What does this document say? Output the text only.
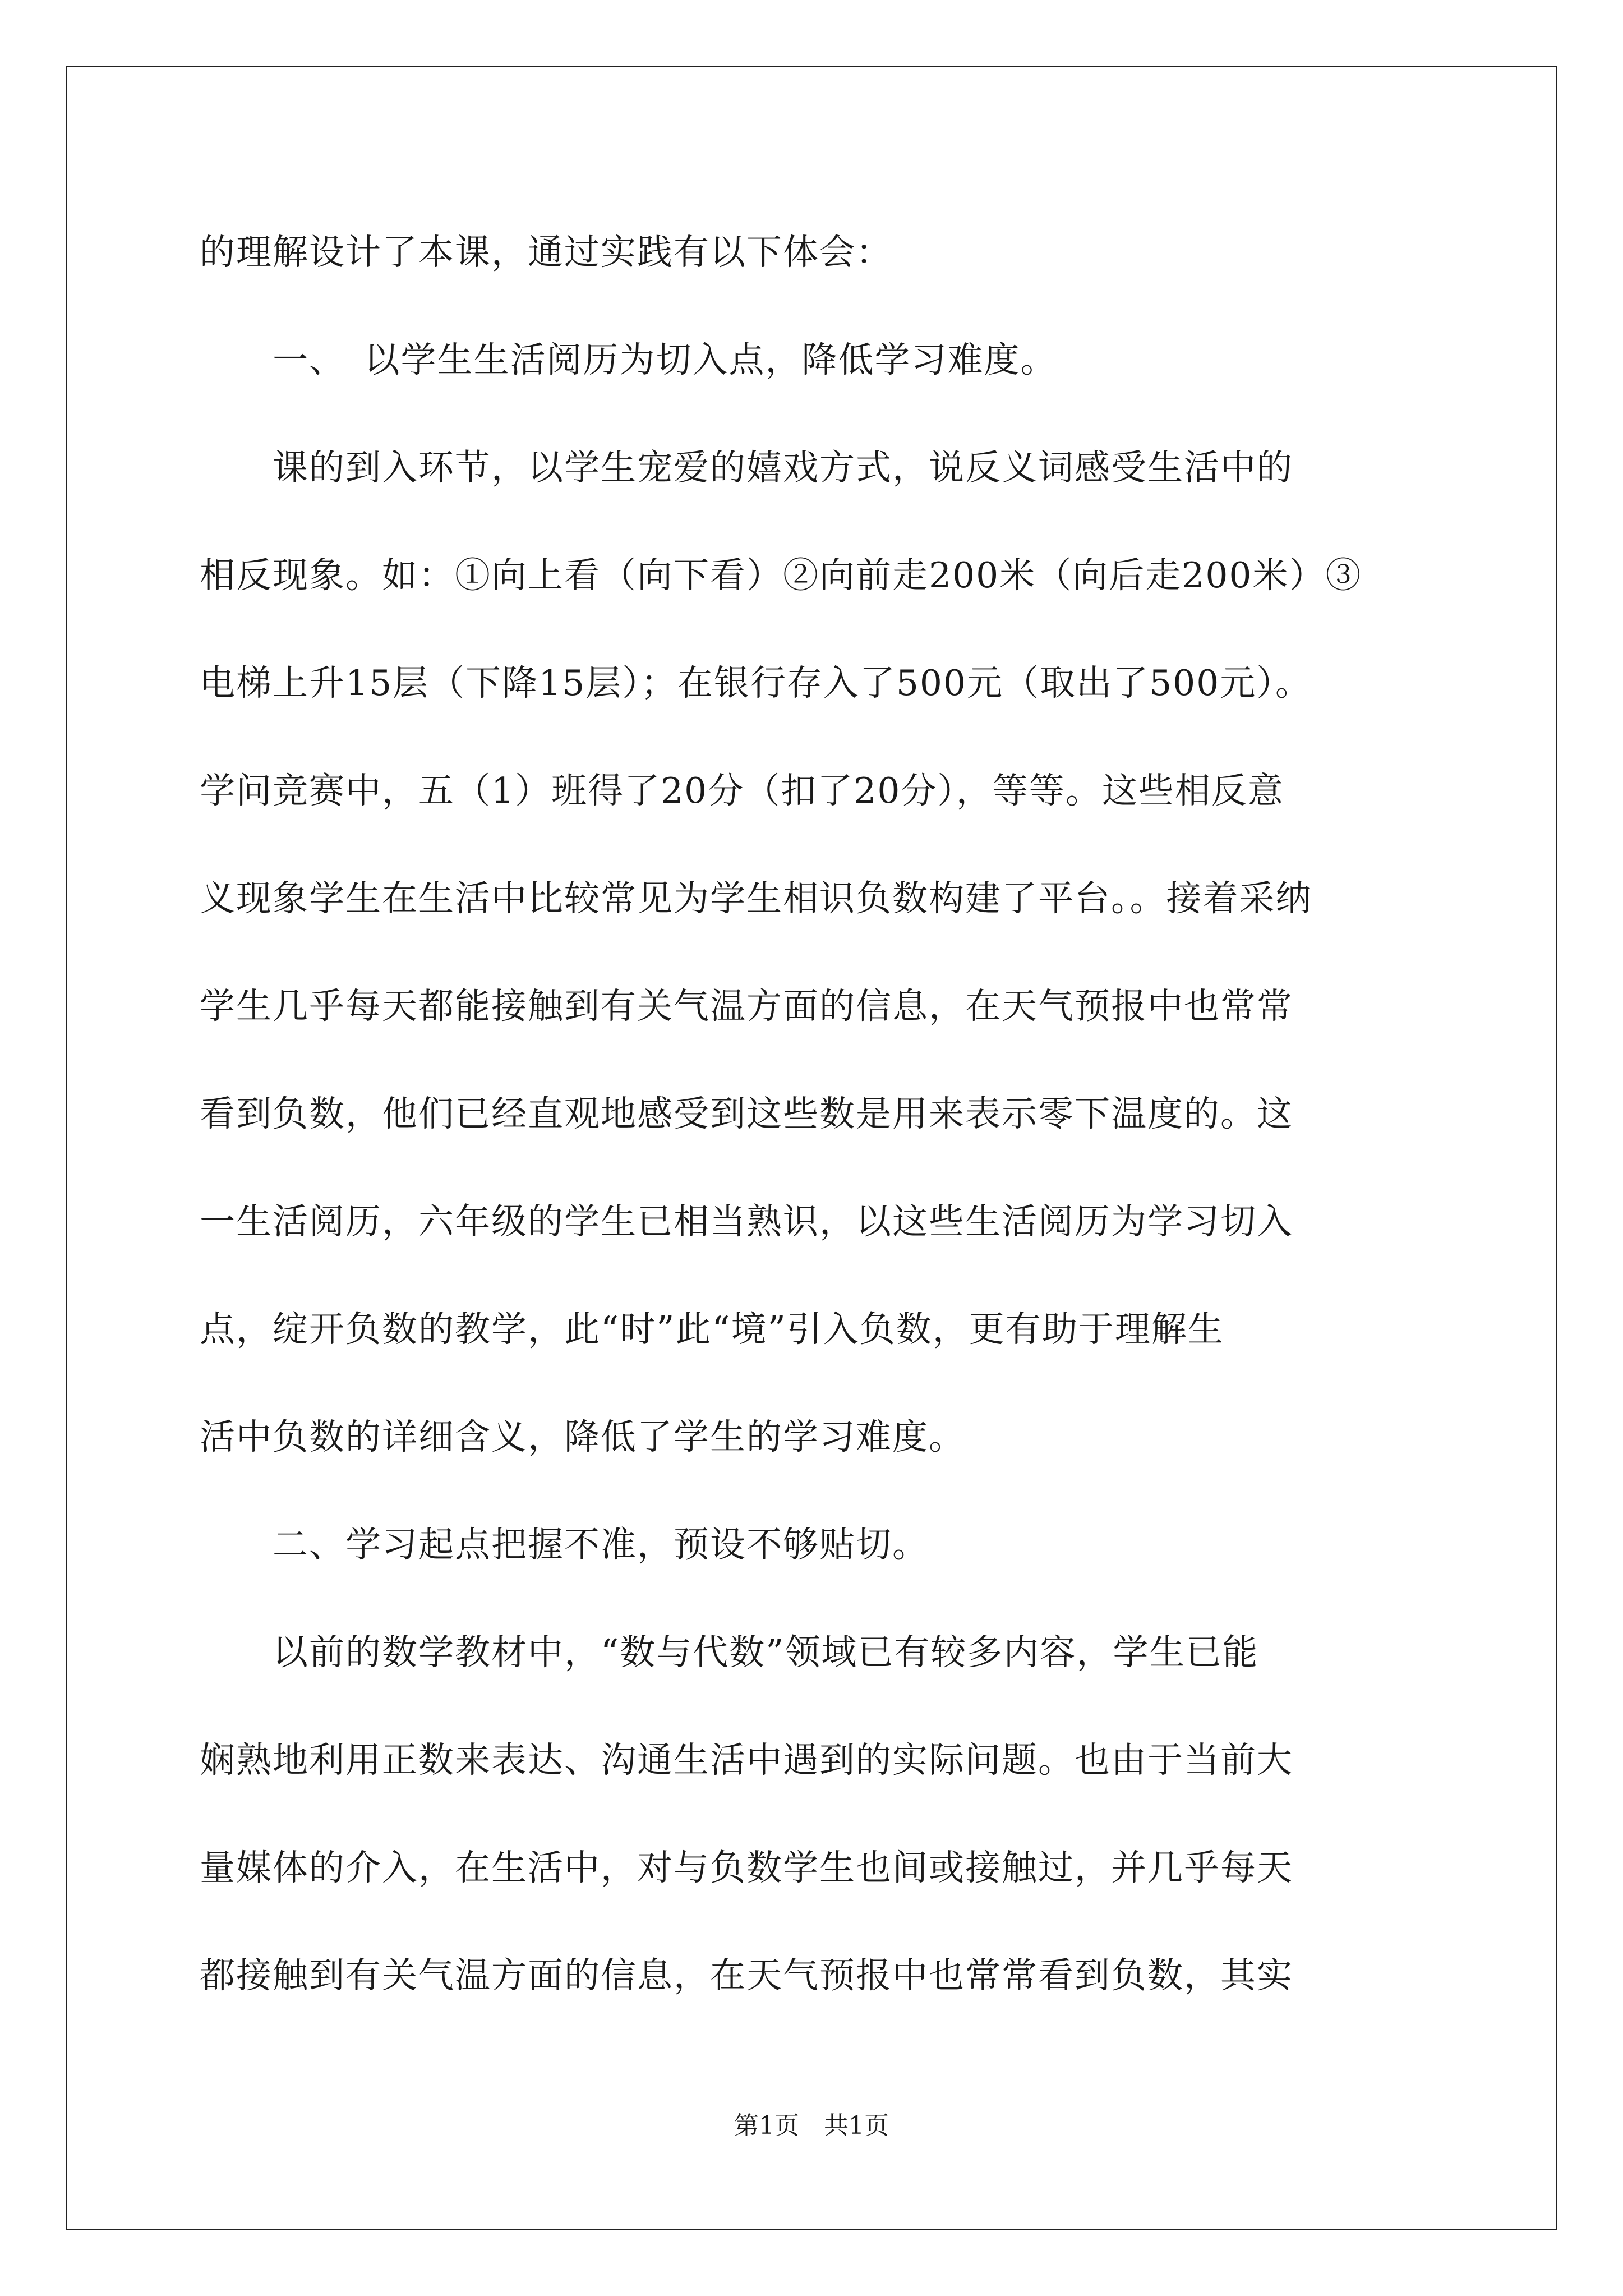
的理解设计了本课，通过实践有以下体会：
　　一、　以学生生活阅历为切入点，降低学习难度。
　　课的到入环节，以学生宠爱的嬉戏方式，说反义词感受生活中的
相反现象。如：①向上看（向下看）②向前走200米（向后走200米）③
电梯上升15层（下降15层）；在银行存入了500元（取出了500元）。
学问竞赛中，五（1）班得了20分（扣了20分），等等。这些相反意
义现象学生在生活中比较常见为学生相识负数构建了平台。。接着采纳
学生几乎每天都能接触到有关气温方面的信息，在天气预报中也常常
看到负数，他们已经直观地感受到这些数是用来表示零下温度的。这
一生活阅历，六年级的学生已相当熟识，以这些生活阅历为学习切入
点，绽开负数的教学，此“时”此“境”引入负数，更有助于理解生
活中负数的详细含义，降低了学生的学习难度。
　　二、学习起点把握不准，预设不够贴切。
　　以前的数学教材中，“数与代数”领域已有较多内容，学生已能
娴熟地利用正数来表达、沟通生活中遇到的实际问题。也由于当前大
量媒体的介入，在生活中，对与负数学生也间或接触过，并几乎每天
都接触到有关气温方面的信息，在天气预报中也常常看到负数，其实
第1页　共1页
